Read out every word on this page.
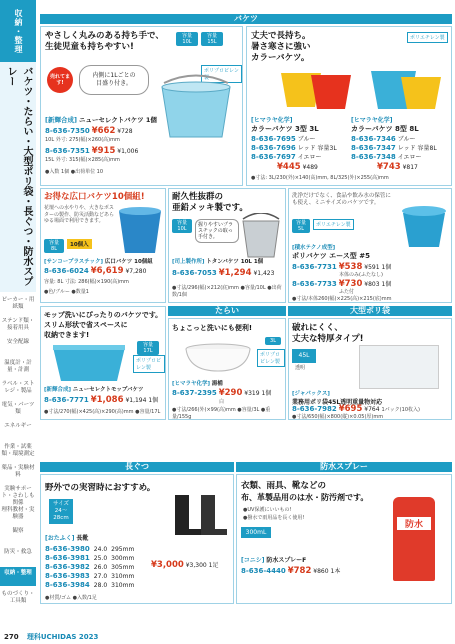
収納・整理
バケツ・たらい・大型ポリ袋・長ぐつ・防水スプレー
ピーカー・用紙類
ステンド類・接着用具
安全配線
温度計・計量・計測
ラベル・ストレジ・製品
電気・パーツ類
エネルギー
作業・試薬類・環境測定
薬品・実験材料
実験サポート・さわしも関係
理科教材・実験器
観察
防災・救急
収納・整理
ものづくり・工具類
バケツ
やさしく丸みのある持ち手で、
生徒児童も持ちやすい!
容量 10L
容量 15L
売れてます!
内側に1Lごとの
目盛り付き。
ポリプロピレン製
[新輝合成] ニューセレクトバケツ 1個
8-636-7350 ¥662 ¥728
10L 外寸: 275(幅)×260(高)mm
8-636-7351 ¥915 ¥1,006
15L 外寸: 315(幅)×285(高)mm
●入数 1個 ●出荷単位 10
丈夫で長持ち。
暑さ寒さに強い
カラーバケツ。
ポリエチレン製
[ヒマラヤ化学]
カラーバケツ 3型 3L
8-636-7695 ブルー
8-636-7696 レッド 容量3L
8-636-7697 イエロー
¥445 ¥489
[ヒマラヤ化学]
カラーバケツ 8型 8L
8-636-7346 ブルー
8-636-7347 レッド 容量8L
8-636-7348 イエロー
¥743 ¥817
●寸法: 3L/230(外)×140(高)mm, 8L/325(外)×255(高)mm
お得な広口バケツ10個組!
花壇への水やりや、大きなボスターの製作、防災活動などあらゆる場面で利用できます。
容量 8L
10個入
[サンコープラスチック] 広口バケツ 10個組
8-636-6024 ¥6,619 ¥7,280
容量: 8L 寸法: 286(幅)×190(高)mm
●色/ブルー ●数量1
耐久性抜群の
亜鉛メッキ製です。
容量 10L
握りやすいプラスチックの取っ手付き。
[司上製作所] トタンバケツ 10L 1個
8-636-7053 ¥1,294 ¥1,423
●寸法/296(幅)×212(底)mm ●容量/10L ●出荷数/1個
洗浄だけでなく、食品や飲み水の保管にも使え、ミニサイズのバケツです。
容量 5L
ポリエチレン製
[積水テクノ成型]
ポリバケツ エース型 #5
8-636-7731 ¥538 ¥591 1個
本体のみ(ふたなし)
8-636-7733 ¥730 ¥803 1個
ふた付
●寸法/本体260(幅)×225(高)×215(底)mm
モップ洗いにぴったりのバケツです。
スリム形状で省スペースに
収納できます!
容量 17L
ポリプロピレン製
[新輝合成] ニューセレクトモップバケツ
8-636-7771 ¥1,086 ¥1,194 1個
●寸法/270(幅)×425(高)×290(高)mm ●容量/17L
たらい
ちょこっと洗いにも便利!
3L
ポリプロピレン製
[ヒマラヤ化学] 湯桶
8-637-2395 ¥290 ¥319 1個
白
●寸法/266(外)×99(高)mm ●容量/3L ●重量/155g
大型ポリ袋
破れにくく、
丈夫な特厚タイプ!
45L
透明
[ジャパックス]
業務用ポリ袋45L透明重量物対応
8-636-7982 ¥695 ¥764 1パック(10枚入)
●寸法/650(幅)×800(縦)×0.05(厚)mm
長ぐつ
野外での実習時におすすめ。
サイズ 24～28cm
[おたふく] 長靴
8-636-3980 24.0 295mm
8-636-3981 25.0 300mm
8-636-3982 26.0 305mm
8-636-3983 27.0 310mm
8-636-3984 28.0 310mm
¥3,000 ¥3,300 1足
●材質/ゴム ●入数/1足
防水スプレー
衣類、雨具、靴などの
布、革製品用のは水・防汚剤です。
●UV保護にいいもの!
●撥水で雨用品を長く使用!
300mL
防水
[コニシ] 防水スプレーF
8-636-4440 ¥782 ¥860 1本
270 理科UCHIDAS 2023
